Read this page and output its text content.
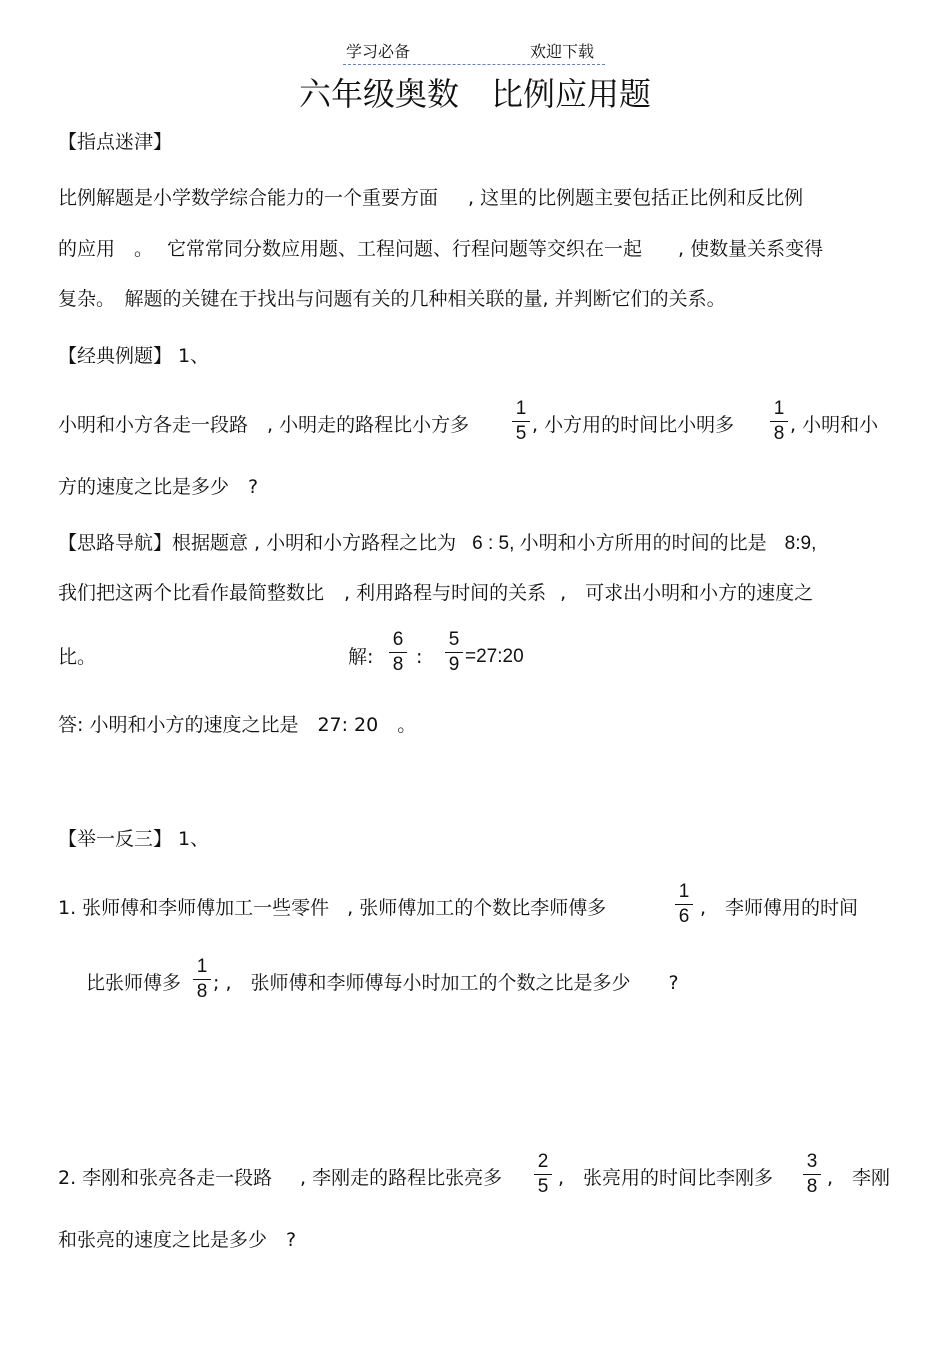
学习必备	欢迎下载
六年级奥数　比例应用题
【指点迷津】
比例解题是小学数学综合能力的一个重要方面 , 这里的比例题主要包括正比例和反比例
的应用　。 它常常同分数应用题、工程问题、行程问题等交织在一起 , 使数量关系变得
复杂。　解题的关键在于找出与问题有关的几种相关联的量, 并判断它们的关系。
【经典例题】 1、
小明和小方各走一段路　, 小明走的路程比小方多
1
5 , 小方用的时间比小明多
1
8 , 小明和小
方的速度之比是多少　?
【思路导航】根据题意 , 小明和小方路程之比为 6 : 5, 小明和小方所用的时间的比是 8:9,
我们把这两个比看作最简整数比 , 利用路程与时间的关系 ,　可求出小明和小方的速度之
比。	解:
6
8 :
5
9 =27:20
答: 小明和小方的速度之比是　27: 20　。
【举一反三】 1、
1. 张师傅和李师傅加工一些零件 , 张师傅加工的个数比李师傅多
1
6 ,　李师傅用的时间
比张师傅多
1
8 ; ,　张师傅和李师傅每小时加工的个数之比是多少　　?
2. 李刚和张亮各走一段路 , 李刚走的路程比张亮多
2
5 ,　张亮用的时间比李刚多
3
8 ,　李刚
和张亮的速度之比是多少　?
